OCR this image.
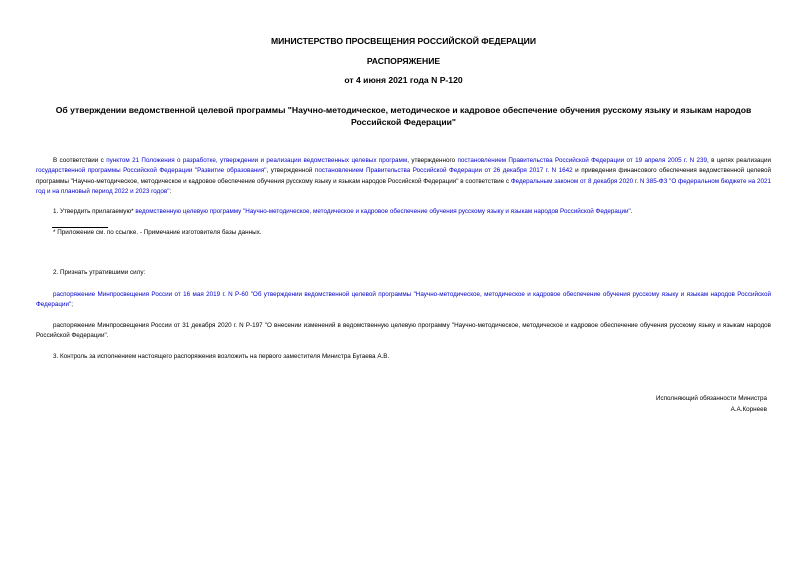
МИНИСТЕРСТВО ПРОСВЕЩЕНИЯ РОССИЙСКОЙ ФЕДЕРАЦИИ
РАСПОРЯЖЕНИЕ
от 4 июня 2021 года N Р-120
Об утверждении ведомственной целевой программы "Научно-методическое, методическое и кадровое обеспечение обучения русскому языку и языкам народов Российской Федерации"
В соответствии с пунктом 21 Положения о разработке, утверждении и реализации ведомственных целевых программ, утвержденного постановлением Правительства Российской Федерации от 19 апреля 2005 г. N 239, в целях реализации государственной программы Российской Федерации "Развитие образования", утвержденной постановлением Правительства Российской Федерации от 26 декабря 2017 г. N 1642 и приведения финансового обеспечения ведомственной целевой программы "Научно-методическое, методическое и кадровое обеспечение обучения русскому языку и языкам народов Российской Федерации" в соответствие с Федеральным законом от 8 декабря 2020 г. N 385-ФЗ "О федеральном бюджете на 2021 год и на плановый период 2022 и 2023 годов":
1. Утвердить прилагаемую* ведомственную целевую программу "Научно-методическое, методическое и кадровое обеспечение обучения русскому языку и языкам народов Российской Федерации".
* Приложение см. по ссылке. - Примечание изготовителя базы данных.
2. Признать утратившими силу:
распоряжение Минпросвещения России от 16 мая 2019 г. N Р-60 "Об утверждении ведомственной целевой программы "Научно-методическое, методическое и кадровое обеспечение обучения русскому языку и языкам народов Российской Федерации";
распоряжение Минпросвещения России от 31 декабря 2020 г. N Р-197 "О внесении изменений в ведомственную целевую программу "Научно-методическое, методическое и кадровое обеспечение обучения русскому языку и языкам народов Российской Федерации".
3. Контроль за исполнением настоящего распоряжения возложить на первого заместителя Министра Бугаева А.В.
Исполняющий обязанности Министра
А.А.Корнеев
